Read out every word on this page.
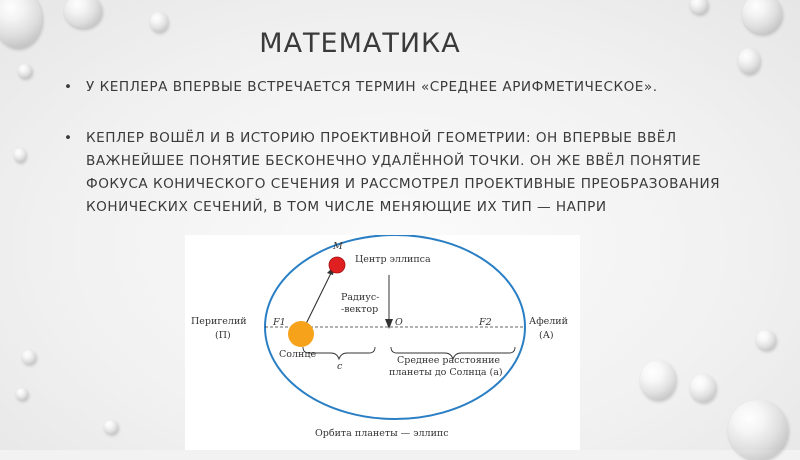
МАТЕМАТИКА
• У КЕПЛЕРА ВПЕРВЫЕ ВСТРЕЧАЕТСЯ ТЕРМИН «СРЕДНЕЕ АРИФМЕТИЧЕСКОЕ».
• КЕПЛЕР ВОШЁЛ И В ИСТОРИЮ ПРОЕКТИВНОЙ ГЕОМЕТРИИ: ОН ВПЕРВЫЕ ВВЁЛ ВАЖНЕЙШЕЕ ПОНЯТИЕ БЕСКОНЕЧНО УДАЛЁННОЙ ТОЧКИ. ОН ЖЕ ВВЁЛ ПОНЯТИЕ ФОКУСА КОНИЧЕСКОГО СЕЧЕНИЯ И РАССМОТРЕЛ ПРОЕКТИВНЫЕ ПРЕОБРАЗОВАНИЯ КОНИЧЕСКИХ СЕЧЕНИЙ, В ТОМ ЧИСЛЕ МЕНЯЮЩИЕ ИХ ТИП — НАПРИ
M
Центр эллипса
Радиус-
-вектор
Перигелий
(П)
F1	O	F2	Афелий
(А)
Солнце
c
Среднее расстояние
планеты до Солнца (a)
Орбита планеты — эллипс
